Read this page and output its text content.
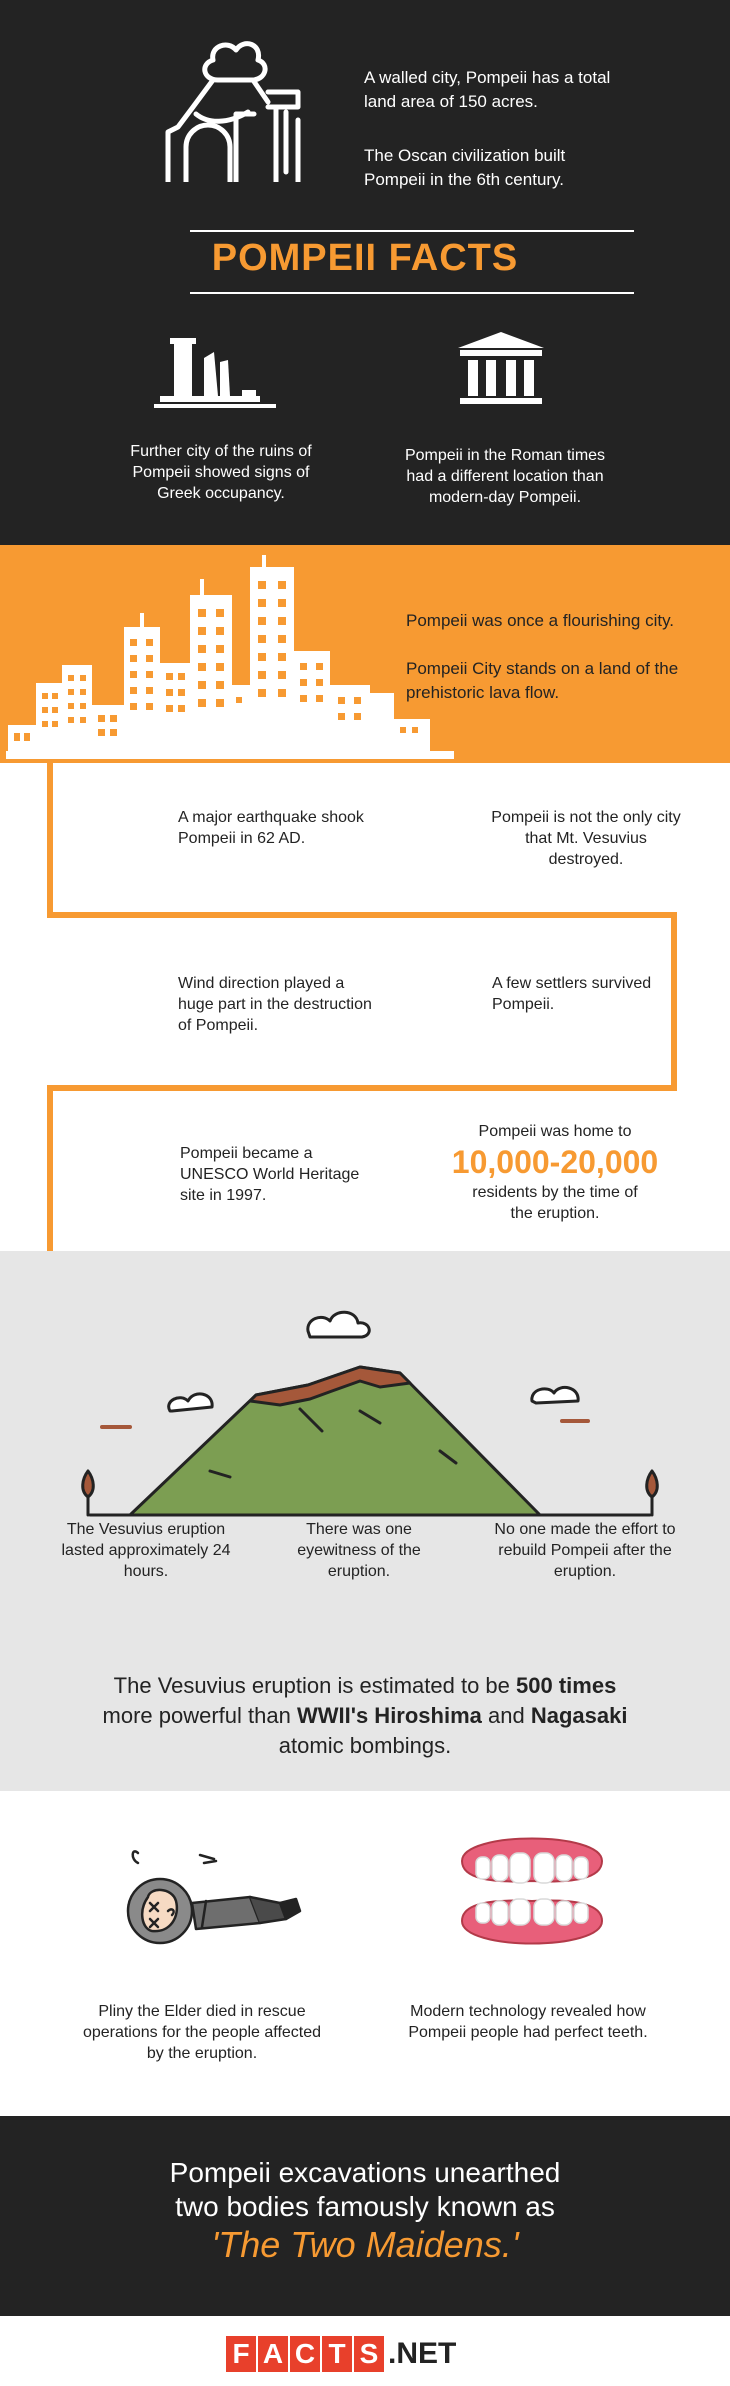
A walled city, Pompeii has a total land area of 150 acres.
The Oscan civilization built Pompeii in the 6th century.
POMPEII FACTS
Further city of the ruins of Pompeii showed signs of Greek occupancy.
Pompeii in the Roman times had a different location than modern-day Pompeii.
Pompeii was once a flourishing city.
Pompeii City stands on a land of the prehistoric lava flow.
A major earthquake shook Pompeii in 62 AD.
Pompeii is not the only city that Mt. Vesuvius destroyed.
Wind direction played a huge part in the destruction of Pompeii.
A few settlers survived Pompeii.
Pompeii became a UNESCO World Heritage site in 1997.
Pompeii was home to
10,000-20,000
residents by the time of the eruption.
The Vesuvius eruption lasted approximately 24 hours.
There was one eyewitness of the eruption.
No one made the effort to rebuild Pompeii after the eruption.
The Vesuvius eruption is estimated to be 500 times more powerful than WWII's Hiroshima and Nagasaki atomic bombings.
Pliny the Elder died in rescue operations for the people affected by the eruption.
Modern technology revealed how Pompeii people had perfect teeth.
Pompeii excavations unearthed two bodies famously known as
'The Two Maidens.'
F A C T S .NET
